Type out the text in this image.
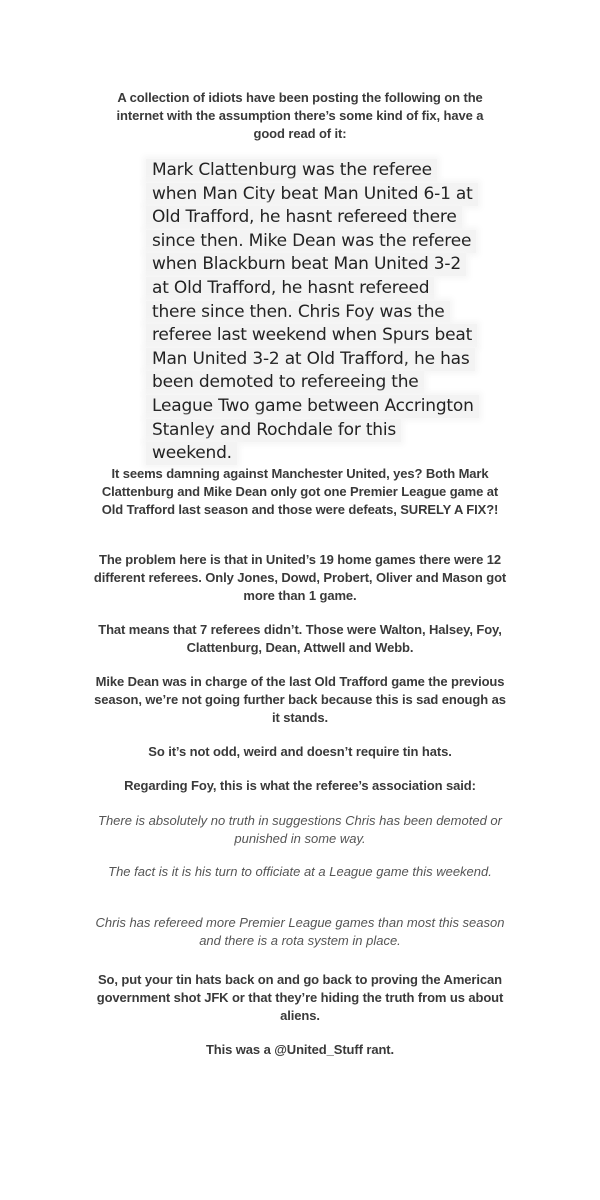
A collection of idiots have been posting the following on the internet with the assumption there’s some kind of fix, have a good read of it:
Mark Clattenburg was the referee when Man City beat Man United 6-1 at Old Trafford, he hasnt refereed there since then. Mike Dean was the referee when Blackburn beat Man United 3-2 at Old Trafford, he hasnt refereed there since then. Chris Foy was the referee last weekend when Spurs beat Man United 3-2 at Old Trafford, he has been demoted to refereeing the League Two game between Accrington Stanley and Rochdale for this weekend.
It seems damning against Manchester United, yes? Both Mark Clattenburg and Mike Dean only got one Premier League game at Old Trafford last season and those were defeats, SURELY A FIX?!
The problem here is that in United’s 19 home games there were 12 different referees. Only Jones, Dowd, Probert, Oliver and Mason got more than 1 game.
That means that 7 referees didn’t. Those were Walton, Halsey, Foy, Clattenburg, Dean, Attwell and Webb.
Mike Dean was in charge of the last Old Trafford game the previous season, we’re not going further back because this is sad enough as it stands.
So it’s not odd, weird and doesn’t require tin hats.
Regarding Foy, this is what the referee’s association said:
There is absolutely no truth in suggestions Chris has been demoted or punished in some way.
The fact is it is his turn to officiate at a League game this weekend.
Chris has refereed more Premier League games than most this season and there is a rota system in place.
So, put your tin hats back on and go back to proving the American government shot JFK or that they’re hiding the truth from us about aliens.
This was a @United_Stuff rant.
